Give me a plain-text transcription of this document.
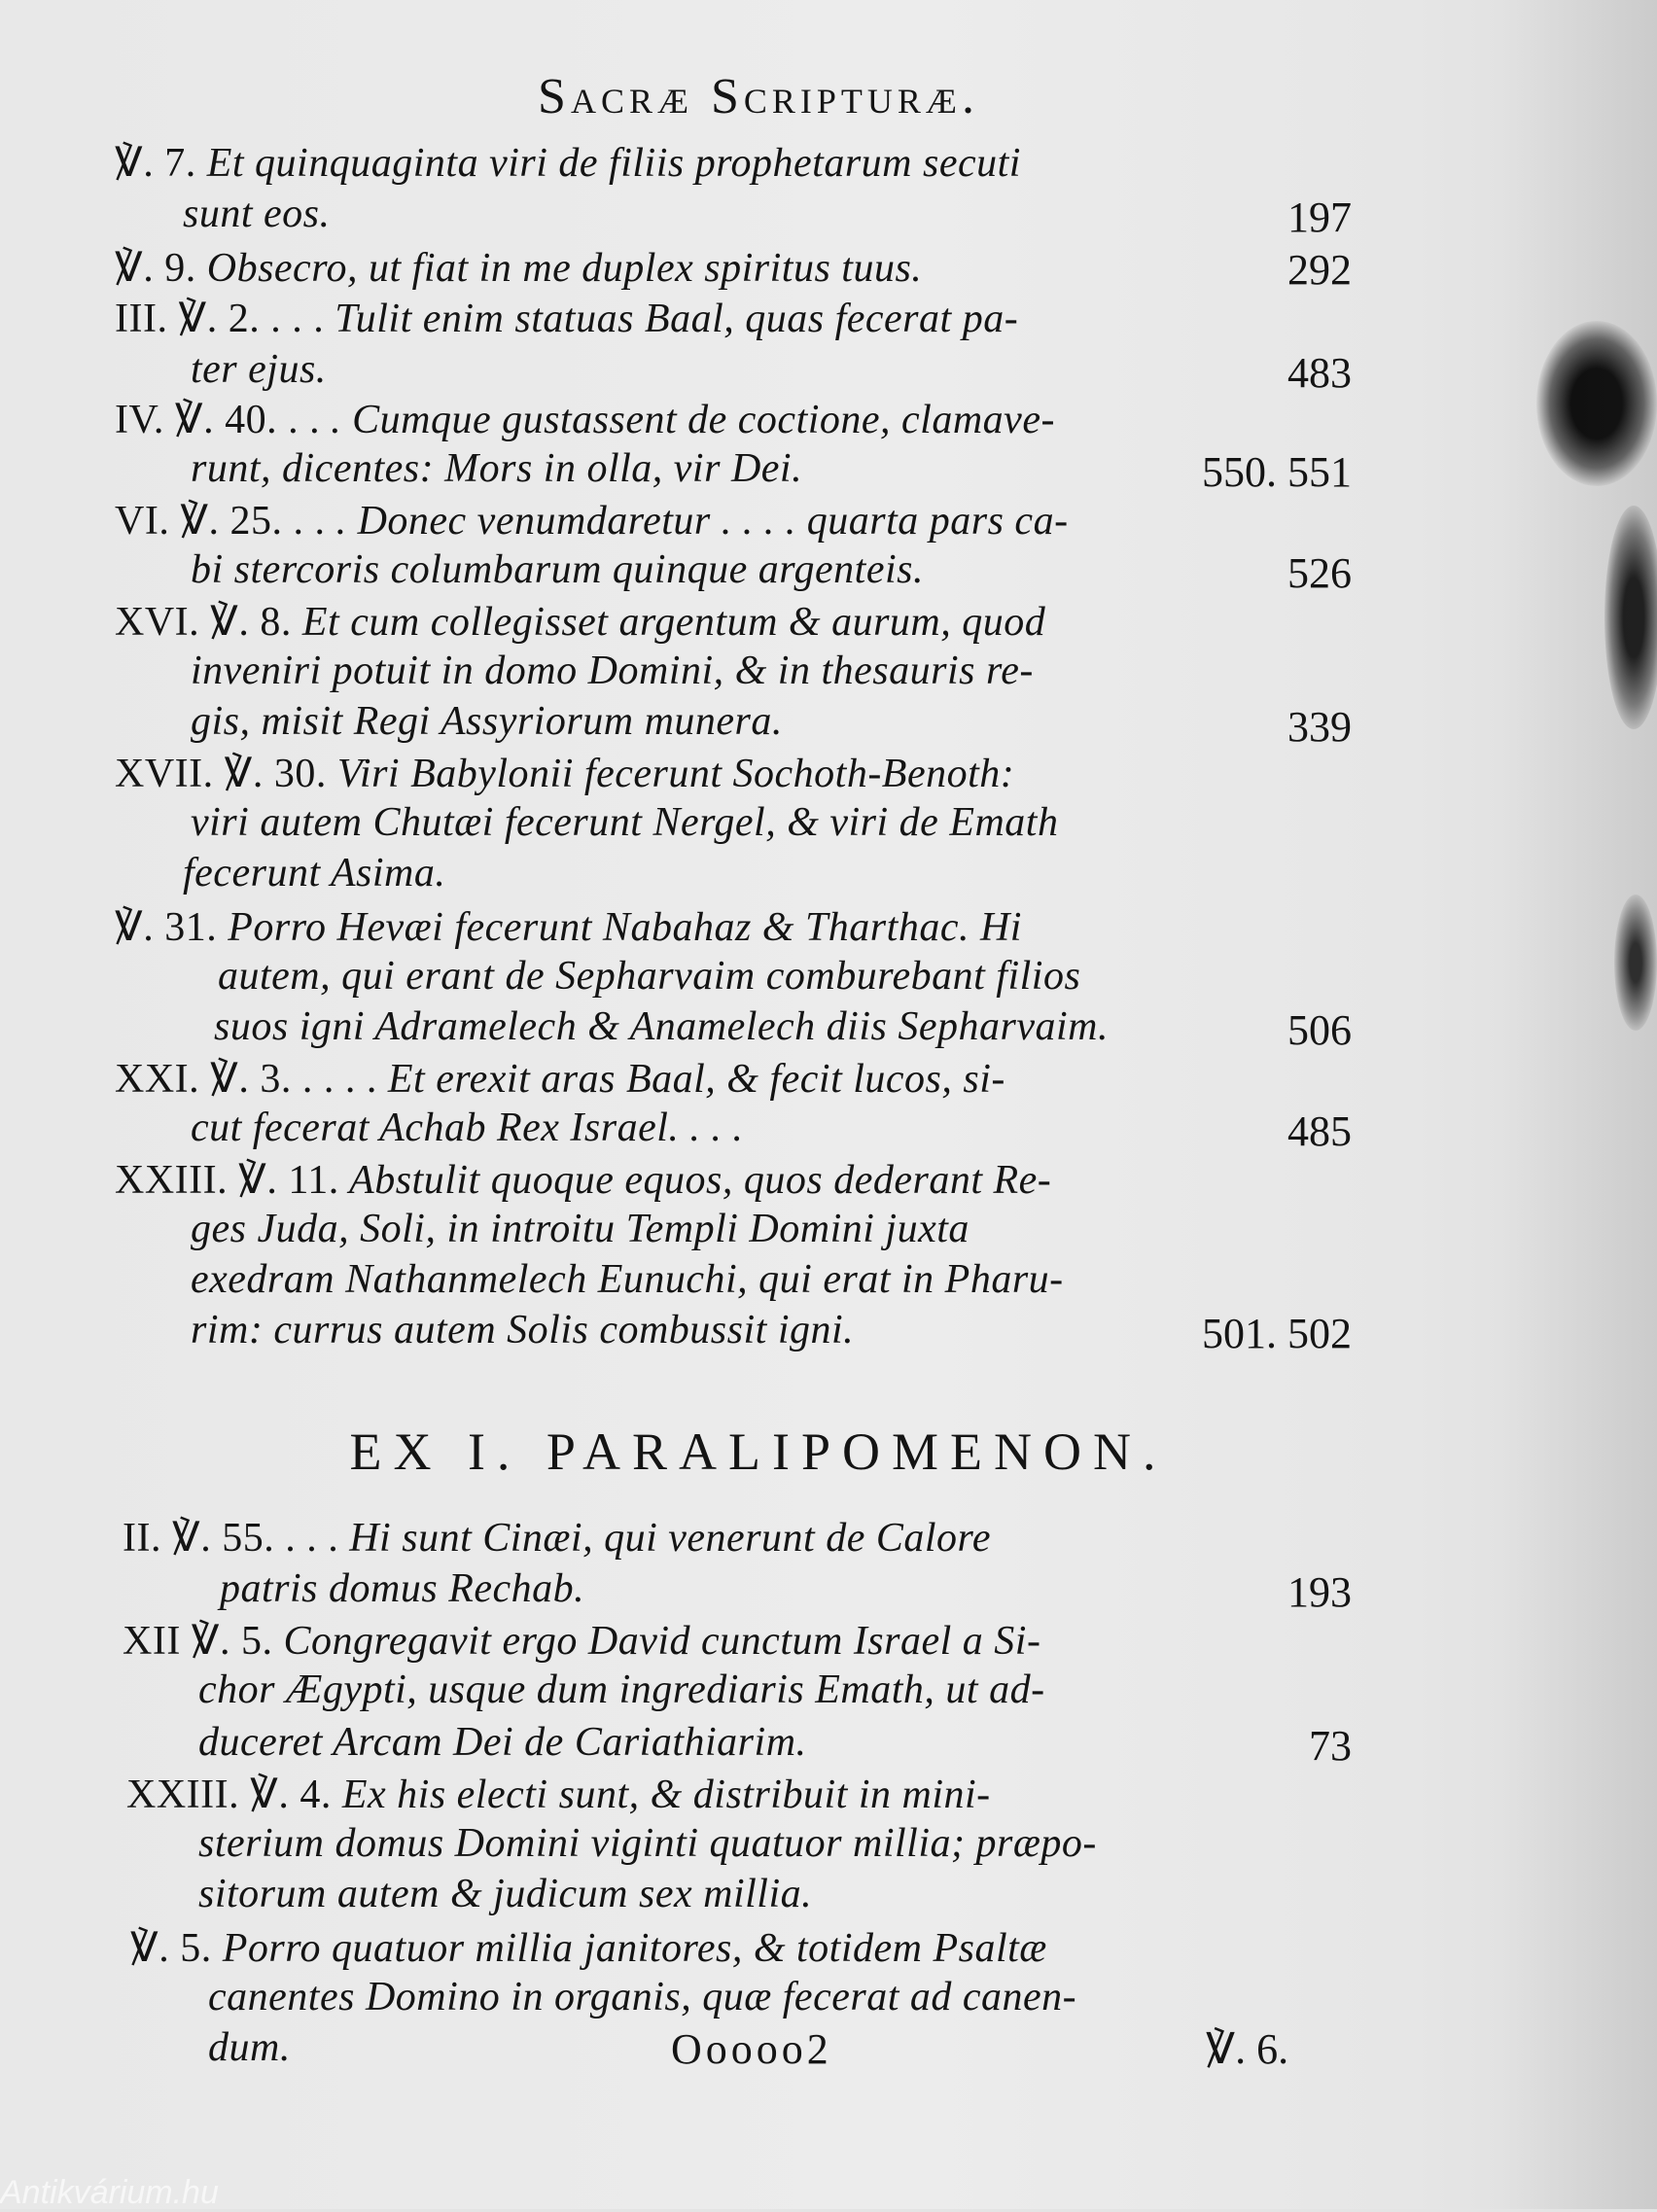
Sacræ Scripturæ.
℣. 7. Et quinquaginta viri de filiis prophetarum secuti
sunt eos.
℣. 9. Obsecro, ut fiat in me duplex spiritus tuus.
III. ℣. 2. . . . Tulit enim statuas Baal, quas fecerat pa-
ter ejus.
IV. ℣. 40. . . . Cumque gustassent de coctione, clamave-
runt, dicentes: Mors in olla, vir Dei.
VI. ℣. 25. . . . Donec venumdaretur . . . . quarta pars ca-
bi stercoris columbarum quinque argenteis.
XVI. ℣. 8. Et cum collegisset argentum & aurum, quod
inveniri potuit in domo Domini, & in thesauris re-
gis, misit Regi Assyriorum munera.
XVII. ℣. 30. Viri Babylonii fecerunt Sochoth-Benoth:
viri autem Chutæi fecerunt Nergel, & viri de Emath
fecerunt Asima.
℣. 31. Porro Hevæi fecerunt Nabahaz & Tharthac. Hi
autem, qui erant de Sepharvaim comburebant filios
suos igni Adramelech & Anamelech diis Sepharvaim.
XXI. ℣. 3. . . . . Et erexit aras Baal, & fecit lucos, si-
cut fecerat Achab Rex Israel. . . .
XXIII. ℣. 11. Abstulit quoque equos, quos dederant Re-
ges Juda, Soli, in introitu Templi Domini juxta
exedram Nathanmelech Eunuchi, qui erat in Pharu-
rim: currus autem Solis combussit igni.
EX I. PARALIPOMENON.
II. ℣. 55. . . . Hi sunt Cinæi, qui venerunt de Calore
patris domus Rechab.
XII ℣. 5. Congregavit ergo David cunctum Israel a Si-
chor Ægypti, usque dum ingrediaris Emath, ut ad-
duceret Arcam Dei de Cariathiarim.
XXIII. ℣. 4. Ex his electi sunt, & distribuit in mini-
sterium domus Domini viginti quatuor millia; præpo-
sitorum autem & judicum sex millia.
℣. 5. Porro quatuor millia janitores, & totidem Psaltæ
canentes Domino in organis, quæ fecerat ad canen-
dum.
197
292
483
550. 551
526
339
506
485
501. 502
193
73
Ooooo2	℣. 6.
Antikvárium.hu
